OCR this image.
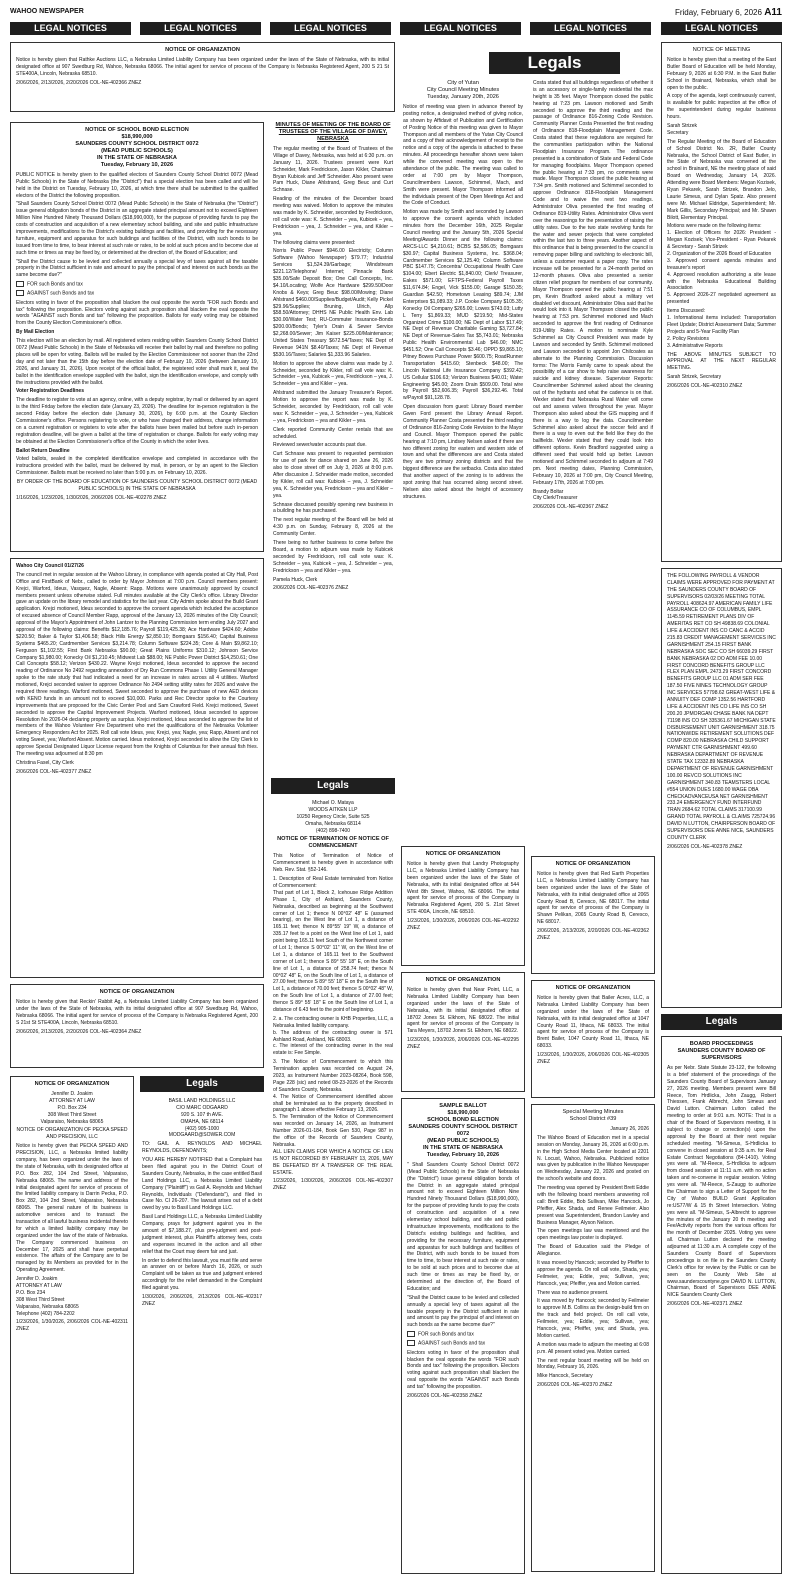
WAHOO NEWSPAPER	Friday, February 6, 2026 A11
LEGAL NOTICES	LEGAL NOTICES	LEGAL NOTICES	LEGAL NOTICES	LEGAL NOTICES	LEGAL NOTICES
NOTICE OF ORGANIZATION

Notice is hereby given that Rathke Auctions LLC, a Nebraska Limited Liability Company has been organized under the laws of the State of Nebraska, with its initial designated office at 907 Swedburg Rd, Wahoo, Nebraska 68066. The initial agent for service of process of the Company is Nebraska Registered Agent, 200 S 21 St STE400A, Lincoln, Nebraska 68510.

2/06/2026, 2/13/2026, 2/20/2026 COL-NE-402366 ZNEZ

Legals
NOTICE OF SCHOOL BOND ELECTION
$18,990,000
SAUNDERS COUNTY SCHOOL DISTRICT 0072
(MEAD PUBLIC SCHOOLS)
IN THE STATE OF NEBRASKA
Tuesday, February 10, 2026

PUBLIC NOTICE is hereby given to the qualified electors of Saunders County School District 0072 (Mead Public Schools) in the State of Nebraska (the "District") that a special election has been called and will be held in the District on Tuesday, February 10, 2026, at which time there shall be submitted to the qualified electors of the District the following proposition.

"Shall Saunders County School District 0072 (Mead Public Schools) in the State of Nebraska (the "District") issue general obligation bonds of the District in an aggregate stated principal amount not to exceed Eighteen Million Nine Hundred Ninety Thousand Dollars ($18,990,000), for the purpose of providing funds to pay the costs of construction and acquisition of a new elementary school building, and site and public infrastructure improvements, modifications to the District's existing buildings and facilities, and providing for the necessary furniture, equipment and apparatus for such buildings and facilities of the District, with such bonds to be issued from time to time, to bear interest at such rate or rates, to be sold at such prices and to become due at such time or times as may be fixed by, or determined at the direction of, the Board of Education; and

"Shall the District cause to be levied and collected annually a special levy of taxes against all the taxable property in the District sufficient in rate and amount to pay the principal of and interest on such bonds as the same become due?"

FOR such Bonds and tax

AGAINST such Bonds and tax

Electors voting in favor of the proposition shall blacken the oval opposite the words "FOR such Bonds and tax" following the proposition. Electors voting against such proposition shall blacken the oval opposite the words "AGAINST such Bonds and tax" following the proposition. Ballots for early voting may be obtained from the County Election Commissioner's office.

By Mail Election

This election will be an election by mail. All registered voters residing within Saunders County School District 0072 (Mead Public Schools) in the State of Nebraska will receive their ballot by mail and therefore no polling places will be open for voting. Ballots will be mailed by the Election Commissioner not sooner than the 22nd day and not later than the 15th day before the election date of February 10, 2026 (between January 19, 2026, and January 31, 2026). Upon receipt of the official ballot, the registered voter shall mark it, seal the ballot in the identification envelope supplied with the ballot, sign the identification envelope, and comply with the instructions provided with the ballot.

Voter Registration Deadlines

The deadline to register to vote at an agency, online, with a deputy registrar, by mail or delivered by an agent is the third Friday before the election date (January 23, 2026). The deadline for in-person registration is the second Friday before the election date (January 30, 2026), by 6:00 p.m. at the County Election Commissioner's office. Persons registering to vote, or who have changed their address, change information on a current registration or registers to vote after the ballots have been mailed but before such in-person registration deadline, will be given a ballot at the time of registration or change. Ballots for early voting may be obtained at the Election Commissioner's office of the County in which the voter lives.

Ballot Return Deadline

Voted ballots, sealed in the completed identification envelope and completed in accordance with the instructions provided with the ballot, must be delivered by mail, in person, or by an agent to the Election Commissioner. Ballots must be received no later than 5:00 p.m. on February 10, 2026.

BY ORDER OF THE BOARD OF EDUCATION OF SAUNDERS COUNTY SCHOOL DISTRICT 0072 (MEAD PUBLIC SCHOOLS) IN THE STATE OF NEBRASKA

1/16/2026, 1/23/2026, 1/30/2026, 2/06/2026 COL-NE-402278 ZNEZ

Wahoo City Council 01/27/26

The council met in regular session at the Wahoo Library, in compliance with agenda posted at City Hall, Post Office and FirstBank of Nebr., called to order by Mayor Johnson at 7:00 p.m. Council members present: Krejci, Warford, Ideus, Vasquez, Nagle, Absent: Rapp. Motions were unanimously approved by council members present unless otherwise stated. Full minutes available at the City Clerk's office. Library Director gave an update on the library remodel and statistics for the last year. City Admin spoke about the Build Grant application. Krejci motioned, Ideus seconded to approve the consent agenda which included the acceptance of excused absence of Council Member Rapp, approval of the January 13, 2026 minutes of the City Council; approval of the Mayor's Appointment of John Lantzer to the Planning Commission term ending July 2027 and approval of the following claims: Benefits $12,185.76; Payroll $119,425.38; Ace Hardware $424.60; Adobe $220.50; Baker & Taylor $1,406.58; Black Hills Energy $2,850.10; Bomgaars $156.40; Capital Business Systems $465.20; Cardmember Services $3,214.78; Column Software $224.35; Core & Main $9,862.10; Ferguson $1,102.55; First Bank Nebraska $90.00; Great Plains Uniforms $310.12; Johnson Service Company $1,980.00; Konecky Oil $1,210.45; Midwest Lab $88.00; NE Public Power District $14,250.61; One Call Concepts $58.12; Verizon $430.22. Wayne Krejci motioned, Ideus seconded to approve the second reading of Ordinance No 2492 regarding annexation of Dry Run Commons Phase I. Utility General Manager spoke to the rate study that had indicated a need for an increase in rates across all 4 utilities. Warford motioned, Krejci seconded waiver to approve Ordinance No 2494 setting utility rates for 2026 and waive the required three readings. Warford motioned, Sweet seconded to approve the purchase of new AED devices with KENO funds in an amount not to exceed $10,000. Parks and Rec Director spoke to the Courtesy improvements that are proposed for the Civic Center Pool and Sam Crawford Field. Krejci motioned, Sweet seconded to approve the Capital Improvement Projects. Warford motioned, Ideus seconded to approve Resolution No 2026-04 declaring property as surplus. Krejci motioned, Ideus seconded to approve the list of members of the Wahoo Volunteer Fire Department who met the qualifications of the Nebraska Volunteer Emergency Responders Act for 2025. Roll call vote Ideus, yea; Krejci, yea; Nagle, yea; Rapp, Absent and not voting Sweet, yea; Warford Absent. Motion carried. Ideus motioned, Krejci seconded to allow the City Clerk to approve Special Designated Liquor License request from the Knights of Columbus for their annual fish fries. The meeting was adjourned at 8:30 pm

Christina Fasel, City Clerk

2/06/2026 COL-NE-402377 ZNEZ

NOTICE OF ORGANIZATION

Notice is hereby given that Reckin' Rabbit Ag, a Nebraska Limited Liability Company has been organized under the laws of the State of Nebraska, with its initial designated office at 907 Swedburg Rd, Wahoo, Nebraska 68066. The initial agent for service of process of the Company is Nebraska Registered Agent, 200 S 21st St STE400A, Lincoln, Nebraska 68510.

2/06/2026, 2/13/2026, 2/20/2026 COL-NE-402364 ZNEZ

NOTICE OF ORGANIZATION

Jennifer D. Joakim
ATTORNEY AT LAW
P.O. Box 234
308 West Third Street
Valparaiso, Nebraska 68065

NOTICE OF ORGANIZATION OF PECKA SPEED AND PRECISION, LLC

Notice is hereby given that PECKA SPEED AND PRECISION, LLC, a Nebraska limited liability company, has been organized under the laws of the state of Nebraska, with its designated office at P.O. Box 282, 104 2nd Street, Valparaiso, Nebraska 68065. The name and address of the initial designated agent for service of process of the limited liability company is Darrin Pecka, P.O. Box 282, 104 2nd Street, Valparaiso, Nebraska 68065. The general nature of its business is automotive services and to transact the transaction of all lawful business incidental thereto for which a limited liability company may be organized under the law of the state of Nebraska. The Company commenced business on December 17, 2025 and shall have perpetual existence. The affairs of the Company are to be managed by its Members as provided for in the Operating Agreement.

Jennifer D. Joakim
ATTORNEY AT LAW
P.O. Box 234
308 West Third Street
Valparaiso, Nebraska 68065
Telephone (402) 784-2202

1/23/2026, 1/30/2026, 2/06/2026 COL-NE-402311 ZNEZ

Legals

BASIL LAND HOLDINGS LLC
C/O MARC ODGAARD
920 S. 107 th AVE.
OMAHA, NE 68114
(402) 905-1000
MODGAARD@SOWER.COM

TO: GAIL A. REYNOLDS AND MICHAEL REYNOLDS, DEFENDANTS;

YOU ARE HEREBY NOTIFIED that a Complaint has been filed against you in the District Court of Saunders County, Nebraska, in the case entitled Basil Land Holdings LLC, a Nebraska Limited Liability Company ("Plaintiff") vs Gail A. Reynolds and Michael Reynolds, Individuals ("Defendants"), and filed in Case No. CI 26-207. The lawsuit arises out of a debt owed by you to Basil Land Holdings LLC.

Basil Land Holdings LLC, a Nebraska Limited Liability Company, prays for judgment against you in the amount of $7,188.27, plus pre-judgment and post-judgment interest, plus Plaintiff's attorney fees, costs and expenses incurred in the action and all other relief that the Court may deem fair and just.

In order to defend this lawsuit, you must file and serve an answer on or before March 16, 2026, or such Complaint will be taken as true and judgment entered accordingly for the relief demanded in the Complaint filed against you.

1/30/2026, 2/06/2026, 2/13/2026 COL-NE-402317 ZNEZ

MINUTES OF MEETING OF THE BOARD OF TRUSTEES OF THE VILLAGE OF DAVEY, NEBRASKA

The regular meeting of the Board of Trustees of the Village of Davey, Nebraska, was held at 6:30 p.m. on January 11, 2026. Trustees present were Kurt Schneider, Mark Fredrickson, Jason Kikler, Chairman Bryan Kubicek and Jeff Schneider. Also present were Pam Huck, Diane Ahlstrand, Greg Beuc and Curt Schnase.

Reading of the minutes of the December board meeting was waived. Motion to approve the minutes was made by K. Schneider, seconded by Fredrickson, roll call vote was: K. Schneider – yea, Kubicek – yea, Fredrickson – yea, J. Schneider – yea, and Kikler – yea.

The following claims were presented:

Norris Public Power $946.00 Electricity; Column Software (Wahoo Newspaper) $79.77; Industrial Services $1,524.39/Garbage; Windstream $221.12/Telephone/ Internet; Pinnacle Bank $35.00/Safe Deposit Box; One Call Concepts, Inc. $4.10/Locating; Wolfe Ace Hardware $299.50/Door Knobs & Keys; Greg Beuc $98.00/Mowing; Diane Ahlstrand $460.00/Supplies/Budget/Audit; Kelly Pickel $29.96/Supplies; Bruning, Ulrich, Allp $58.50/Attorney; DHHS NE Public Health Env. Lab $30.00/Water Test; RU-Commuter Insurance-Bonds $200.00/Bonds; Tyler's Drain & Sewer Service $2,268.00/Sewer; Jim Kaiser $225.00/Maintenance; United States Treasury $672.54/Taxes; NE Dept of Revenue 941N $8.40/Taxes; NE Dept of Revenue $530.16/Taxes; Salaries $1,333.96 Salaries.

Motion to approve the above claims was made by J. Schneider, seconded by Kikler, roll call vote was: K. Schneider – yea, Kubicek – yea, Fredrickson – yea, J. Schneider – yea and Kikler – yea.

Ahlstrand submitted the January Treasurer's Report. Motion to approve the report was made by K. Schneider, seconded by Fredrickson, roll call vote was: K. Schneider – yea, J. Schneider – yea, Kubicek – yea, Fredrickson – yea and Kikler – yea.

Clerk reported Community Center rentals that are scheduled.

Reviewed sewer/water accounts past due.

Curt Schnase was present to requested permission for use of park for dance shared on June 26, 2026 also to close street off on July 3, 2026 at 8:00 p.m. After discussion J. Schneider made motion, seconded by Kikler, roll call was: Kubicek – yea, J. Schneider yea, K. Schneider yea, Fredrickson – yea and Kikler – yea.

Schnase discussed possibly opening new business in a building he has purchased.

The next regular meeting of the Board will be held at 4:30 p.m. on Sunday, February 8, 2026 at the Community Center.

There being no further business to come before the Board, a motion to adjourn was made by Kubicek seconded by Fredrickson, roll call vote was: K. Schneider – yea, Kubicek – yea, J. Schneider – yea, Fredrickson – yea and Kikler – yea.

Pamela Huck, Clerk

2/06/2026 COL-NE-402376 ZNEZ

Legals

Michael O. Mataya
WOODS AITKEN LLP
10250 Regency Circle, Suite 525
Omaha, Nebraska 68114
(402) 898-7400

NOTICE OF TERMINATION OF NOTICE OF COMMENCEMENT

This Notice of Termination of Notice of Commencement is hereby given in accordance with Neb. Rev. Stat. §52-146.

1. Description of Real Estate terminated from Notice of Commencement:
That part of Lot 1, Block 2, Icehouse Ridge Addition Phase 1, City of Ashland, Saunders County, Nebraska, described as beginning at the Southwest corner of Lot 1; thence N 00°02' 48" E (assumed bearing), on the West line of Lot 1, a distance of 165.11 feet; thence N 89°55' 19" W, a distance of 335.17 feet to a point on the West line of Lot 1, said point being 165.11 feet South of the Northwest corner of Lot 1; thence S 00°02' 11" W, on the West line of Lot 1, a distance of 165.11 feet to the Southwest corner of Lot 1; thence S 89° 55' 18" E, on the South line of Lot 1, a distance of 258.74 feet; thence N 00°02' 48" E, on the South line of Lot 1, a distance of 27.00 feet; thence S 89° 55' 18" E on the South line of Lot 1, a distance of 70.00 feet; thence S 00°02' 48" W, on the South line of Lot 1, a distance of 27.00 feet; thence S 89° 55' 18" E on the South line of Lot 1, a distance of 6.43 feet to the point of beginning.

2. a. The contracting owner is KHB Properties, LLC, a Nebraska limited liability company.
b. The address of the contracting owner is 571 Ashland Road, Ashland, NE 68003.
c. The interest of the contracting owner in the real estate is: Fee Simple.

3. The Notice of Commencement to which this Termination applies was recorded on August 24, 2023, as Instrument Number 2023-08264, Book 598, Page 228 (sic) and noted 08-23-2026 of the Records of Saunders County, Nebraska.
4. The Notice of Commencement identified above shall be terminated as to the property described in paragraph 1 above effective February 13, 2026.
5. The Termination of the Notice of Commencement was recorded on January 14, 2026, as Instrument Number 2026-01-184, Book Gen 530, Page 987 in the office of the Records of Saunders County, Nebraska.
ALL LIEN CLAIMS FOR WHICH A NOTICE OF LIEN IS NOT RECORDED BY FEBRUARY 13, 2026, MAY BE DEFEATED BY A TRANSFER OF THE REAL ESTATE.

1/23/2026, 1/30/2026, 2/06/2026 COL-NE-402307 ZNEZ

City of Yutan
City Council Meeting Minutes
Tuesday, January 20th, 2026

Notice of meeting was given in advance thereof by posting notice, a designated method of giving notice, as shown by Affidavit of Publication and Certification of Posting Notice of this meeting was given to Mayor Thompson and all members of the Yutan City Council and a copy of their acknowledgement of receipt to the notice and a copy of the agenda is attached to these minutes. All proceedings hereafter shown were taken while the convened meeting was open to the attendance of the public. The meeting was called to order at 7:00 pm by Mayor Thompson, Councilmembers Lawson, Schimmel, Mach, and Smith were present. Mayor Thompson informed all the individuals present of the Open Meetings Act and the Code of Conduct.

Motion was made by Smith and seconded by Lawson to approve the consent agenda which included minutes from the December 16th, 2025 Regular Council meeting and the January 5th, 2026 Special Meeting/Awards Dinner and the following claims: ARCS-LLC $4,210.61; BCBS $2,586.05; Bomgaars $30.97; Capital Business Systems, Inc. $368.04; Cardmember Services $2,125.40; Column Software PBC $147.75; Concentra/ Occupational Health Care $104.00; Ebert Electric $1,840.00; Clerk/ Treasurer, Eakes $571.00; EFTPS-Federal Payroll Taxes $11,674.84; Engel, Vick $155.00; Garage $150.35; Guardian $42.50; Hometown Leasing $89.74; JJM Enterprises $1,089.33; J.P. Cooke Company $105.35; Konecky Oil Company $265.00; Lowes $743.03; Lutty L Terry $1,869.33; MUD $219.50; Mid-States Organized Crime $100.00; NE Dept of Labor $17.49; NE Dept of Revenue Charitable Gaming $3,727.84; NE Dept of Revenue-Sales Tax $5,743.01; Nebraska Public Health Environmental Lab $46.00; NMC $451.52; One Call Concepts $3.46; OPPD $9,865.10; Pitney Bowes Purchase Power $600.75; RoadRunner Transportation $415.60; Stenbeck $48.00; The Lincoln National Life Insurance Company $392.42; US Cellular $106.63; Verizon Business $40.01; Water Engineering $45.00; Zoom Drain $509.00. Total wire by Payroll $52,606.35; Payroll $36,292.46. Total w/Payroll $91,128.78.

Open discussion from guest: Library Board member Gwen Ford present the Library Annual Report. Community Planner Costa presented the third reading of Ordinance 816-Zoning Code Revision to the Mayor and Council. Mayor Thompson opened the public hearing at 7:10 pm, Lindsey Nelsen asked if there are two different zoning for eastern and western side of town and what the differences are and Costa stated they are two primary zoning districts and that the biggest difference are the setbacks. Costa also stated that another aspect of the zoning is to address the spot zoning that has occurred along second street. Nelsen also asked about the height of accessory structures.

NOTICE OF ORGANIZATION

Notice is hereby given that Landry Photography LLC, a Nebraska Limited Liability Company has been organized under the laws of the State of Nebraska, with its initial designated office at 544 West 8th Street, Wahoo, NE 68066. The initial agent for service of process of the Company is Nebraska Registered Agent, 200 S. 21st Street STE 400A, Lincoln, NE 68510.

1/23/2026, 1/30/2026, 2/06/2026 COL-NE-402292 ZNEZ

NOTICE OF ORGANIZATION

Notice is hereby given that Near Point, LLC, a Nebraska Limited Liability Company has been organized under the laws of the State of Nebraska, with its initial designated office at 18702 Jones St. Elkhorn, NE 68022. The initial agent for service of process of the Company is Tara Meyers, 18702 Jones St. Elkhorn, NE 68022.

1/23/2026, 1/30/2026, 2/06/2026 COL-NE-402295 ZNEZ

SAMPLE BALLOT
$18,990,000
SCHOOL BOND ELECTION
SAUNDERS COUNTY SCHOOL DISTRICT 0072
(MEAD PUBLIC SCHOOLS)
IN THE STATE OF NEBRASKA
Tuesday, February 10, 2026

" Shall Saunders County School District 0072 (Mead Public Schools) in the State of Nebraska (the "District") issue general obligation bonds of the District in an aggregate stated principal amount not to exceed Eighteen Million Nine Hundred Ninety Thousand Dollars ($18,990,000), for the purpose of providing funds to pay the costs of construction and acquisition of a new elementary school building, and site and public infrastructure improvements, modifications to the District's existing buildings and facilities, and providing for the necessary furniture, equipment and apparatus for such buildings and facilities of the District, with such bonds to be issued from time to time, to bear interest at such rate or rates, to be sold at such prices and to become due at such time or times as may be fixed by, or determined at the direction of, the Board of Education; and

"Shall the District cause to be levied and collected annually a special levy of taxes against all the taxable property in the District sufficient in rate and amount to pay the principal of and interest on such bonds as the same become due?"

FOR such Bonds and tax

AGAINST such Bonds and tax

Electors voting in favor of the proposition shall blacken the oval opposite the words "FOR such Bonds and tax" following the proposition. Electors voting against such proposition shall blacken the oval opposite the words "AGAINST such Bonds and tax" following the proposition.

2/06/2026 COL-NE-402358 ZNEZ

Costa stated that all buildings regardless of whether it is an accessory or single-family residential the max height is 35 feet. Mayor Thompson closed the public hearing at 7:23 pm. Lawson motioned and Smith seconded to approve the third reading and the passage of Ordinance 816-Zoning Code Revision. Community Planner Costa Presented the first reading of Ordinance 818-Floodplain Management Code. Costa stated that these regulations are required for the communities participation within the National Floodplain Insurance Program. The ordinance presented is a combination of State and Federal Code for managing floodplains. Mayor Thompson opened the public hearing at 7:33 pm, no comments were made. Mayor Thompson closed the public hearing at 7:34 pm. Smith motioned and Schimmel seconded to approve Ordinance 818-Floodplain Management Code and to waive the next two readings. Administrator Oliva presented the first reading of Ordinance 819-Utility Rates. Administrator Oliva went over the reasonings for the presentation of raising the utility rates. Due to the two state revolving funds for the water and sewer projects that were completed within the last two to three years. Another aspect of this ordinance that is being presented to the council is removing paper billing and switching to electronic bill, unless a customer request a paper copy. The rates increase will be presented for a 24-month period on 12-month phases. Oliva also presented a senior citizen relief program for members of our community. Mayor Thompson opened the public hearing at 7:51 pm, Kevin Bradford asked about a military vet disabled vet discount, Administrator Oliva said that he would look into it. Mayor Thompson closed the public hearing at 7:53 pm. Schimmel motioned and Mach seconded to approve the first reading of Ordinance 819-Utility Rates. A motion to nominate Kyle Schimmel as City Council President was made by Lawson and seconded by Smith. Schimmel motioned and Lawson seconded to appoint Jon Chilcoates as alternate to the Planning Commission. Discussion forms: The Morris Family came to speak about the possibility of a car show to help raise awareness for suicide and kidney disease. Supervisor Reports: Councilmember Schimmel asked about the cleaning out of the hydrants and what the cadence is on that. Wexler stated that Nebraska Rural Water will come out and assess valves throughout the year. Mayor Thompson also asked about the GIS mapping and if there is a way to log the data. Councilmember Schimmel also asked about the soccer field and if there is a way to even out the field like they do the ballfields. Wexler stated that they could look into different options. Kevin Bradford suggested using a different seed that would hold up better. Lawson motioned and Schimmel seconded to adjourn at 7:49 pm. Next meeting dates, Planning Commission, February 10, 2026 at 7:00 pm, City Council Meeting, February 17th, 2026 at 7:00 pm.

Brandy Boltar
City Clerk/Treasurer

2/06/2026 COL-NE-402367 ZNEZ

NOTICE OF ORGANIZATION

Notice is hereby given that Red Earth Properties LLC, a Nebraska Limited Liability Company has been organized under the laws of the State of Nebraska, with its initial designated office at 2065 County Road B, Ceresco, NE 68017. The initial agent for service of process of the Company is Shawn Pelikan, 2065 County Road B, Ceresco, NE 68017.

2/06/2026, 2/13/2026, 2/20/2026 COL-NE-402362 ZNEZ

NOTICE OF ORGANIZATION

Notice is hereby given that Bailer Acres, LLC, a Nebraska Limited Liability Company has been organized under the laws of the State of Nebraska, with its initial designated office at 1047 County Road 11, Ithaca, NE 68033. The initial agent for service of process of the Company is Brent Bailer, 1047 County Road 11, Ithaca, NE 68033.

1/23/2026, 1/30/2026, 2/06/2026 COL-NE-402305 ZNEZ

Special Meeting Minutes
School District #39

January 26, 2026

The Wahoo Board of Education met in a special session on Monday, January 26, 2026 at 6:00 p.m. in the High School Media Center located at 2201 N. Locust, Wahoo, Nebraska. Publicized notice was given by publication in the Wahoo Newspaper on Wednesday, January 22, 2026 and posted on the school's website and doors.

The meeting was opened by President Brett Eddie with the following board members answering roll call: Brett Eddie, Bob Sullivan, Mike Hancock, Jo Pfeiffer, Alex Shada, and Renee Feilmeier. Also present was Superintendent, Brandon Lawley and Business Manager, Alyson Nelson.

The open meetings law was mentioned and the open meetings law poster is displayed.

The Board of Education said the Pledge of Allegiance.

It was moved by Hancock; seconded by Pfeiffer to approve the agenda. On roll call vote, Shada, yea; Feilmeier, yea; Eddie, yea; Sullivan, yea; Hancock, yea; Pfeiffer, yea and Motion carried.

There was no audience present.

It was moved by Hancock; seconded by Feilmeier to approve M.B. Collins as the design-build firm on the track and field project. On roll call vote, Feilmeier, yea; Eddie, yea; Sullivan, yea; Hancock, yea; Pfeiffer, yea; and Shada, yea. Motion carried.

A motion was made to adjourn the meeting at 6:08 p.m. All present voted yea. Motion carried.

The next regular board meeting will be held on Monday, February 16, 2026.

Mike Hancock, Secretary

2/06/2026 COL-NE-402370 ZNEZ

NOTICE OF MEETING

Notice is hereby given that a meeting of the East Butler Board of Education will be held Monday, February 9, 2026 at 6:30 P.M. in the East Butler School in Brainard, Nebraska, which shall be open to the public.

A copy of the agenda, kept continuously current, is available for public inspection at the office of the superintendent during regular business hours.

Sarah Strizek
Secretary

The Regular Meeting of the Board of Education of School District No. 2R, Butler County Nebraska, the School District of East Butler, in the State of Nebraska was convened at the school in Brainard, NE the meeting place of said Board on Wednesday, January 14, 2026. Attending were Board Members: Megan Kozisek, Ryan Pekarek, Sarah Strizek, Brandon Jelo, Laurie Simeus, and Dylan Spatz. Also present were Mr. Michael Eldridge, Superintendent; Mr. Mark Gillis, Secondary Principal; and Mr. Shawn Bilott, Elementary Principal.

Motions were made on the following items:
1. Election of Officers for 2026: President - Megan Kozisek; Vice-President - Ryan Pekarek & Secretary - Sarah Strizek
2. Organization of the 2026 Board of Education
3. Approved consent agenda minutes and treasurer's report
4. Approved resolution authorizing a site lease with the Nebraska Educational Building Association
5. Approved 2026-27 negotiated agreement as presented

Items Discussed:
1. Informational items included: Transportation Fleet Update; District Assessment Data; Summer Projects and 5-Year Facility Plan
2. Policy Revisions
3. Administrative Reports

THE ABOVE MINUTES SUBJECT TO APPROVAL AT THE NEXT REGULAR MEETING.

Sarah Strizek, Secretary

2/06/2026 COL-NE-402310 ZNEZ

THE FOLLOWING PAYROLL & VENDOR CLAIMS WERE APPROVED FOR PAYMENT AT THE SAUNDERS COUNTY BOARD OF SUPERVISORS 02/03/26 MEETING TOTAL PAYROLL 408624.97 AMERICAN FAMILY LIFE ASSURANCE CO OF COLUMBUS, EMPL 1145.59 RETIREMENT PLANS DIV OF AMERITAS RET CO SH 49838.69 COLONIAL LIFE & ACCIDENT INS CO CANC & ACCID 215.83 CREDIT MANAGEMENT SERVICES INC GARNISHMENT 254.15 FIRST BANK NEBRASKA SOC SEC CO SH 66039.29 FIRST BANK NEBRASKA 02 DO ADM FEE 10.00 FIRST CONCORD BENEFITS GROUP LLC FLEX PLAN EMPL 2473.29 FIRST CONCORD BENEFITS GROUP LLC 01 ADM SER FEE 187.50 FIVE NINES TECHNOLOGY GROUP INC SERVICES 57798.62 GREAT-WEST LIFE & ANNUITY DEF COMP 1352.56 HARTFORD LIFE & ACCIDENT INS CO LIFE INS CO SH 200.20 JPMORGAN CHASE BANK NA DEPT 71198 INS CO SH 335361.67 MICHIGAN STATE DISBURSEMENT UNIT GARNISHMENT 318.75 NATIONWIDE RETIREMENT SOLUTIONS DEF COMP 820.00 NEBRASKA CHILD SUPPORT PAYMENT CTR GARNISHMENT 499.60 NEBRASKA DEPARTMENT OF REVENUE STATE TAX 12332.89 NEBRASKA DEPARTMENT OF REVENUE GARNISHMENT 100.00 REVCO SOLUTIONS INC GARNISHMENT 340.83 TEAMSTERS LOCAL #554 UNION DUES 1680.00 WAGE DBA CHECKADVANCEUSA NET GARNISHMENT 233.24 EMERGENCY FUND INTERFUND TRAN 2684.62 TOTAL CLAIMS 317100.99 GRAND TOTAL PAYROLL & CLAIMS 725724.96 DAVID N LUTTON, CHAIRPERSON BOARD OF SUPERVISORS DEE ANNE NICE, SAUNDERS COUNTY CLERK

2/06/2026 COL-NE-402378 ZNEZ

Legals
BOARD PROCEEDINGS
SAUNDERS COUNTY BOARD OF SUPERVISORS

As per Nebr. State Statute 23-122, the following is a brief statement of the proceedings of the Saunders County Board of Supervisors January 27, 2026 meeting. Members present were Bill Reece, Tom Hrdlicka, John Zaugg, Robert Thiessen, Frank Albrecht, John Simeus and David Lutton. Chairman Lutton called the meeting to order at 9:01 a.m. NOTE: That is a chair of the Board of Supervisors meeting, it is subject to change or correction(s) upon the approval by the Board at their next regular scheduled meeting. "M-Simeus, S-Hrdlicka to convene in closed session at 9:35 a.m. for Real Estate Contract Negotiations (84-1410). Voting yes were all. "M-Reece, S-Hrdlicka to adjourn from closed session at 11:11 a.m. with no action taken and re-convene in regular session. Voting yes were all. "M-Reece, S-Zaugg to authorize the Chairman to sign a Letter of Support for the City of Wahoo BUILD Grant Application re:US77/W & 15 th Street Intersection. Voting yes were all. "M-Simeus, S-Albrecht to approve the minutes of the January 20 th meeting and Fee/Activity reports from the various offices for the month of December 2025. Voting yes were all. Chairman Lutton declared the meeting adjourned at 11:30 a.m. A complete copy of the Saunders County Board of Supervisors proceedings is on file in the Saunders County Clerk's office for review by the Public or can be seen on the County Web Site at www.saunderscountyne.gov DAVID N. LUTTON, Chairman, Board of Supervisors DEE ANNE NICE Saunders County Clerk

2/06/2026 COL-NE-402371 ZNEZ
